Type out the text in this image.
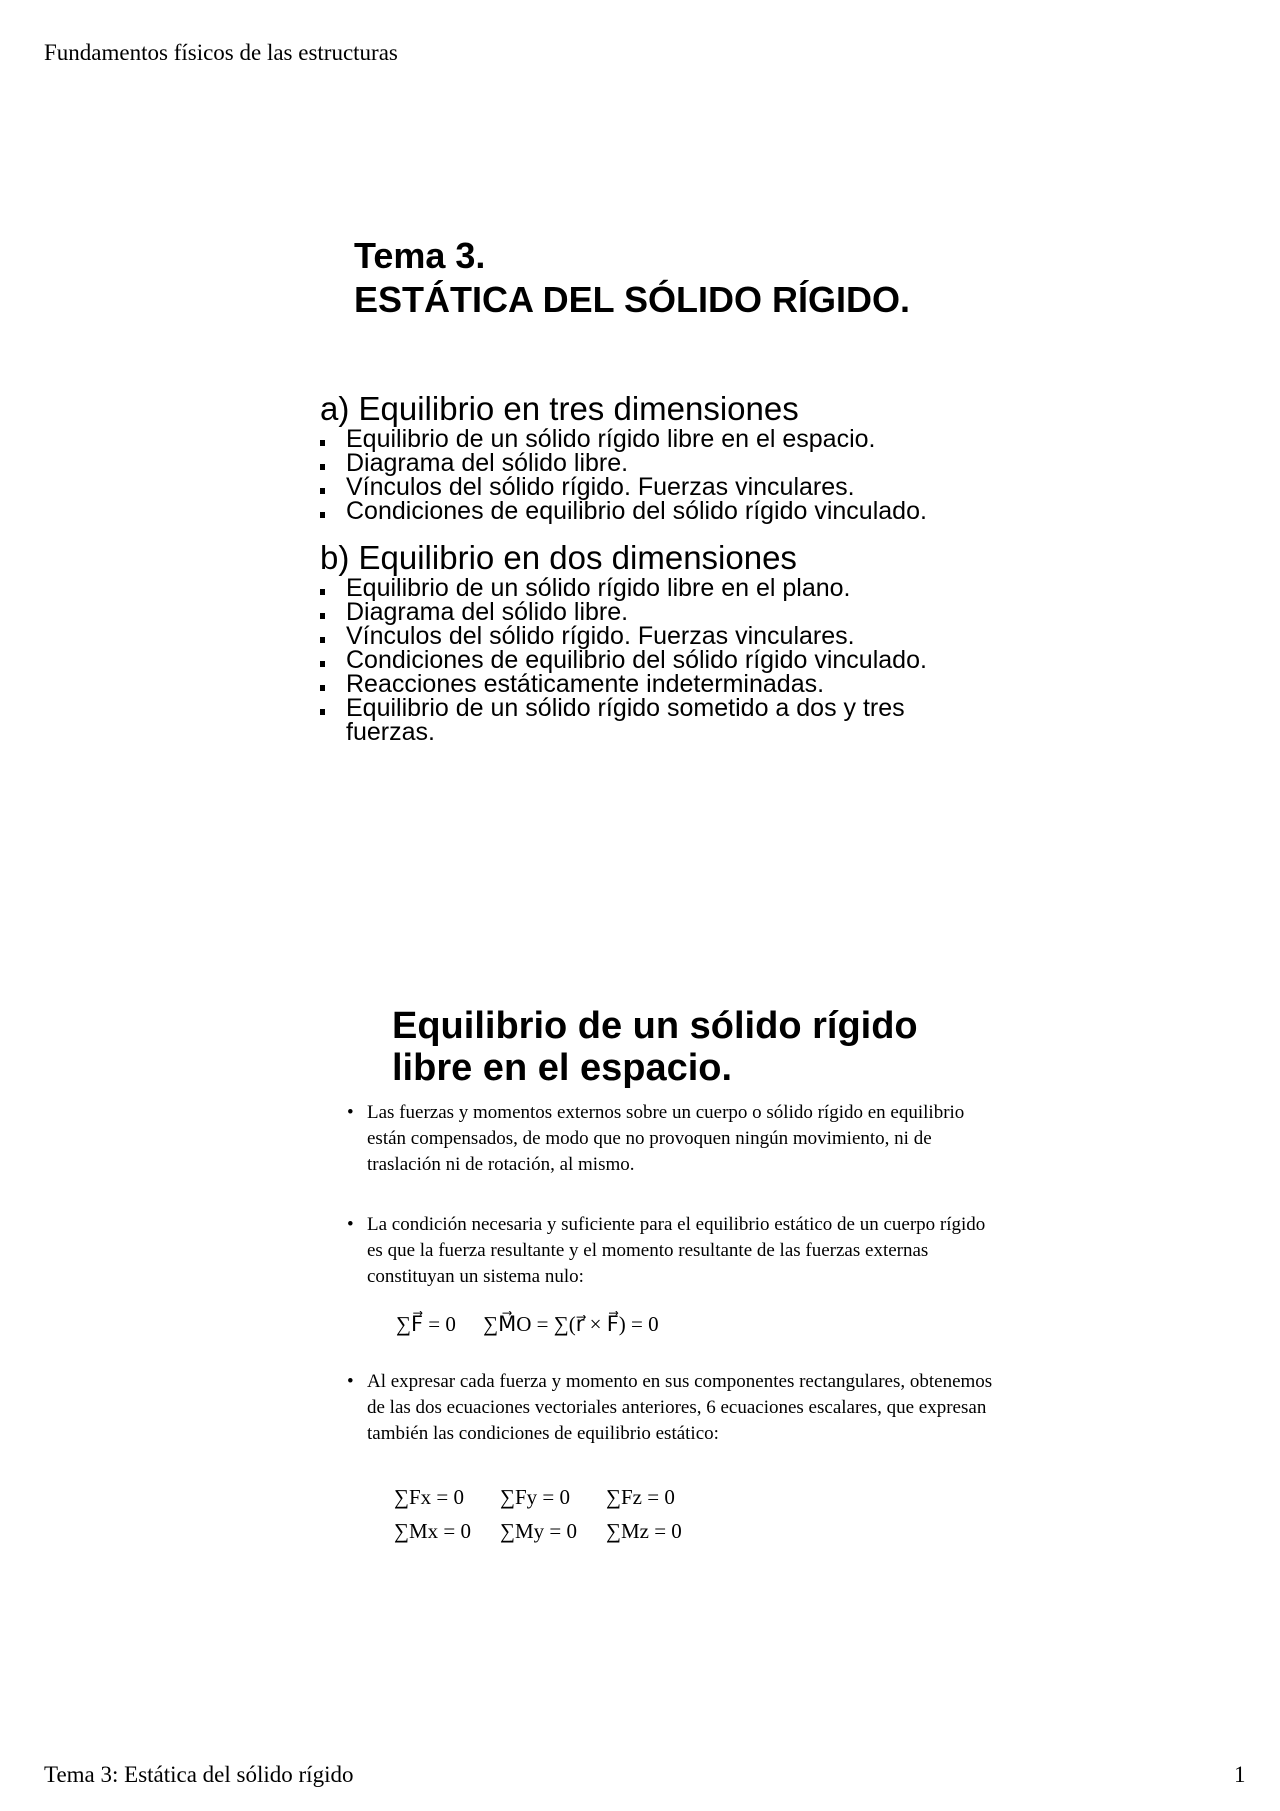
Fundamentos físicos de las estructuras
Tema 3.
ESTÁTICA DEL SÓLIDO RÍGIDO.
a) Equilibrio en tres dimensiones
Equilibrio de un sólido rígido libre en el espacio.
Diagrama del sólido libre.
Vínculos del sólido rígido. Fuerzas vinculares.
Condiciones de equilibrio del sólido rígido vinculado.
b) Equilibrio en dos dimensiones
Equilibrio de un sólido rígido libre en el plano.
Diagrama del sólido libre.
Vínculos del sólido rígido. Fuerzas vinculares.
Condiciones de equilibrio del sólido rígido vinculado.
Reacciones estáticamente indeterminadas.
Equilibrio de un sólido rígido sometido a dos y tres fuerzas.
Equilibrio de un sólido rígido
libre en el espacio.
• Las fuerzas y momentos externos sobre un cuerpo o sólido rígido en equilibrio están compensados, de modo que no provoquen ningún movimiento, ni de traslación ni de rotación, al mismo.
• La condición necesaria y suficiente para el equilibrio estático de un cuerpo rígido es que la fuerza resultante y el momento resultante de las fuerzas externas constituyan un sistema nulo:
∑F⃗ = 0 ∑M⃗O = ∑(r⃗ × F⃗) = 0
• Al expresar cada fuerza y momento en sus componentes rectangulares, obtenemos de las dos ecuaciones vectoriales anteriores, 6 ecuaciones escalares, que expresan también las condiciones de equilibrio estático:
∑Fx = 0 ∑Fy = 0 ∑Fz = 0
∑Mx = 0 ∑My = 0 ∑Mz = 0
Tema 3: Estática del sólido rígido	1
